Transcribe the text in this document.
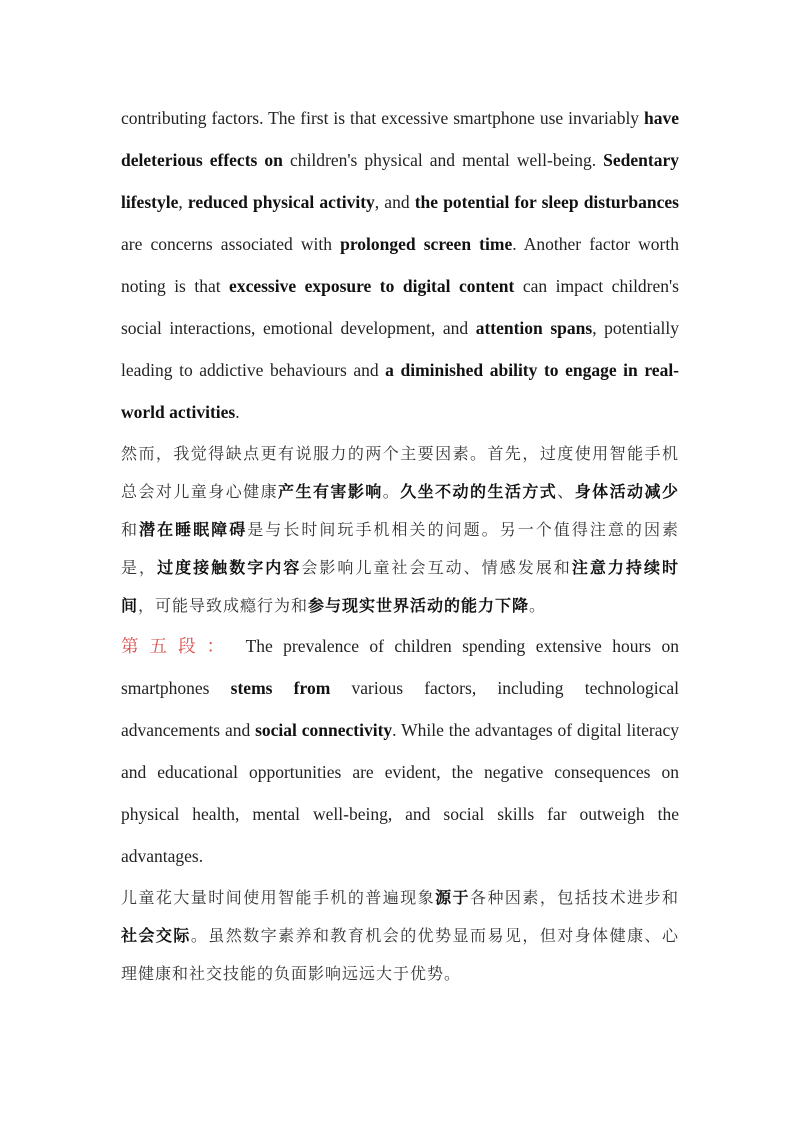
contributing factors. The first is that excessive smartphone use invariably have deleterious effects on children's physical and mental well-being. Sedentary lifestyle, reduced physical activity, and the potential for sleep disturbances are concerns associated with prolonged screen time. Another factor worth noting is that excessive exposure to digital content can impact children's social interactions, emotional development, and attention spans, potentially leading to addictive behaviours and a diminished ability to engage in real-world activities.

然而，我觉得缺点更有说服力的两个主要因素。首先，过度使用智能手机总会对儿童身心健康产生有害影响。久坐不动的生活方式、身体活动减少和潜在睡眠障碍是与长时间玩手机相关的问题。另一个值得注意的因素是，过度接触数字内容会影响儿童社会互动、情感发展和注意力持续时间，可能导致成瘾行为和参与现实世界活动的能力下降。

第五段： The prevalence of children spending extensive hours on smartphones stems from various factors, including technological advancements and social connectivity. While the advantages of digital literacy and educational opportunities are evident, the negative consequences on physical health, mental well-being, and social skills far outweigh the advantages.

儿童花大量时间使用智能手机的普遍现象源于各种因素，包括技术进步和社会交际。虽然数字素养和教育机会的优势显而易见，但对身体健康、心理健康和社交技能的负面影响远远大于优势。
